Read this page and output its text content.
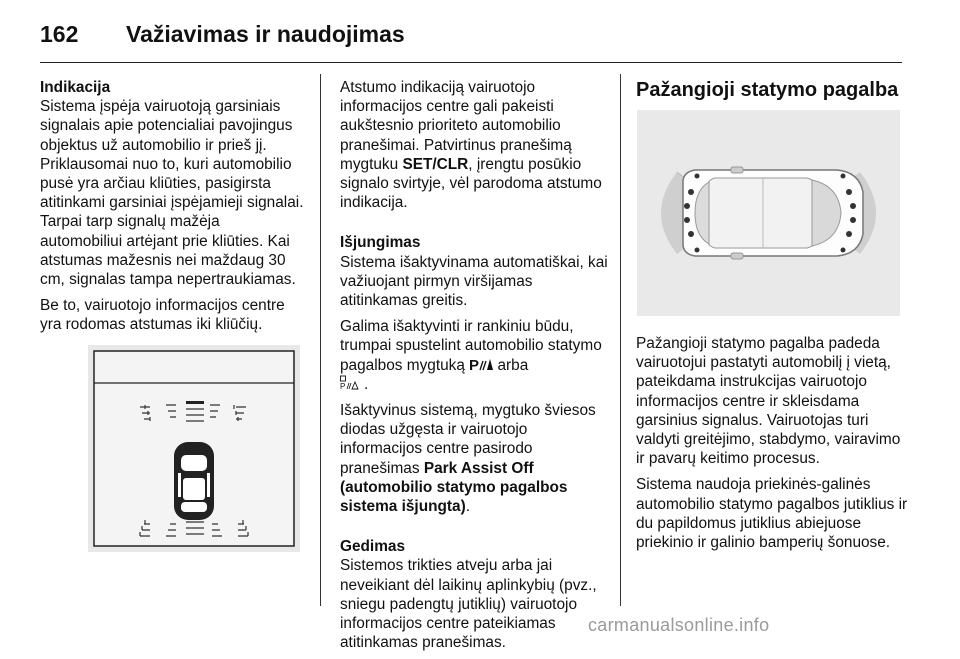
162 Važiavimas ir naudojimas

Indikacija

Sistema įspėja vairuotoją garsiniais signalais apie potencialiai pavojingus objektus už automobilio ir prieš jį. Priklausomai nuo to, kuri automobilio pusė yra arčiau kliūties, pasigirsta atitinkami garsiniai įspėjamieji signalai. Tarpai tarp signalų mažėja automobiliui artėjant prie kliūties. Kai atstumas mažesnis nei maždaug 30 cm, signalas tampa nepertraukiamas.

Be to, vairuotojo informacijos centre yra rodomas atstumas iki kliūčių.

Atstumo indikaciją vairuotojo informacijos centre gali pakeisti aukštesnio prioriteto automobilio pranešimai. Patvirtinus pranešimą mygtuku SET/CLR, įrengtu posūkio signalo svirtyje, vėl parodoma atstumo indikacija.

Išjungimas

Sistema išaktyvinama automatiškai, kai važiuojant pirmyn viršijamas atitinkamas greitis.

Galima išaktyvinti ir rankiniu būdu, trumpai spustelint automobilio statymo pagalbos mygtuką P arba

P .

Išaktyvinus sistemą, mygtuko šviesos diodas užgęsta ir vairuotojo informacijos centre pasirodo pranešimas Park Assist Off (automobilio statymo pagalbos sistema išjungta).

Gedimas

Sistemos trikties atveju arba jai neveikiant dėl laikinų aplinkybių (pvz., sniegu padengtų jutiklių) vairuotojo informacijos centre pateikiamas atitinkamas pranešimas.

Pažangioji statymo pagalba

Pažangioji statymo pagalba padeda vairuotojui pastatyti automobilį į vietą, pateikdama instrukcijas vairuotojo informacijos centre ir skleisdama garsinius signalus. Vairuotojas turi valdyti greitėjimo, stabdymo, vairavimo ir pavarų keitimo procesus.

Sistema naudoja priekinės-galinės automobilio statymo pagalbos jutiklius ir du papildomus jutiklius abiejuose priekinio ir galinio bamperių šonuose.

carmanualsonline.info
